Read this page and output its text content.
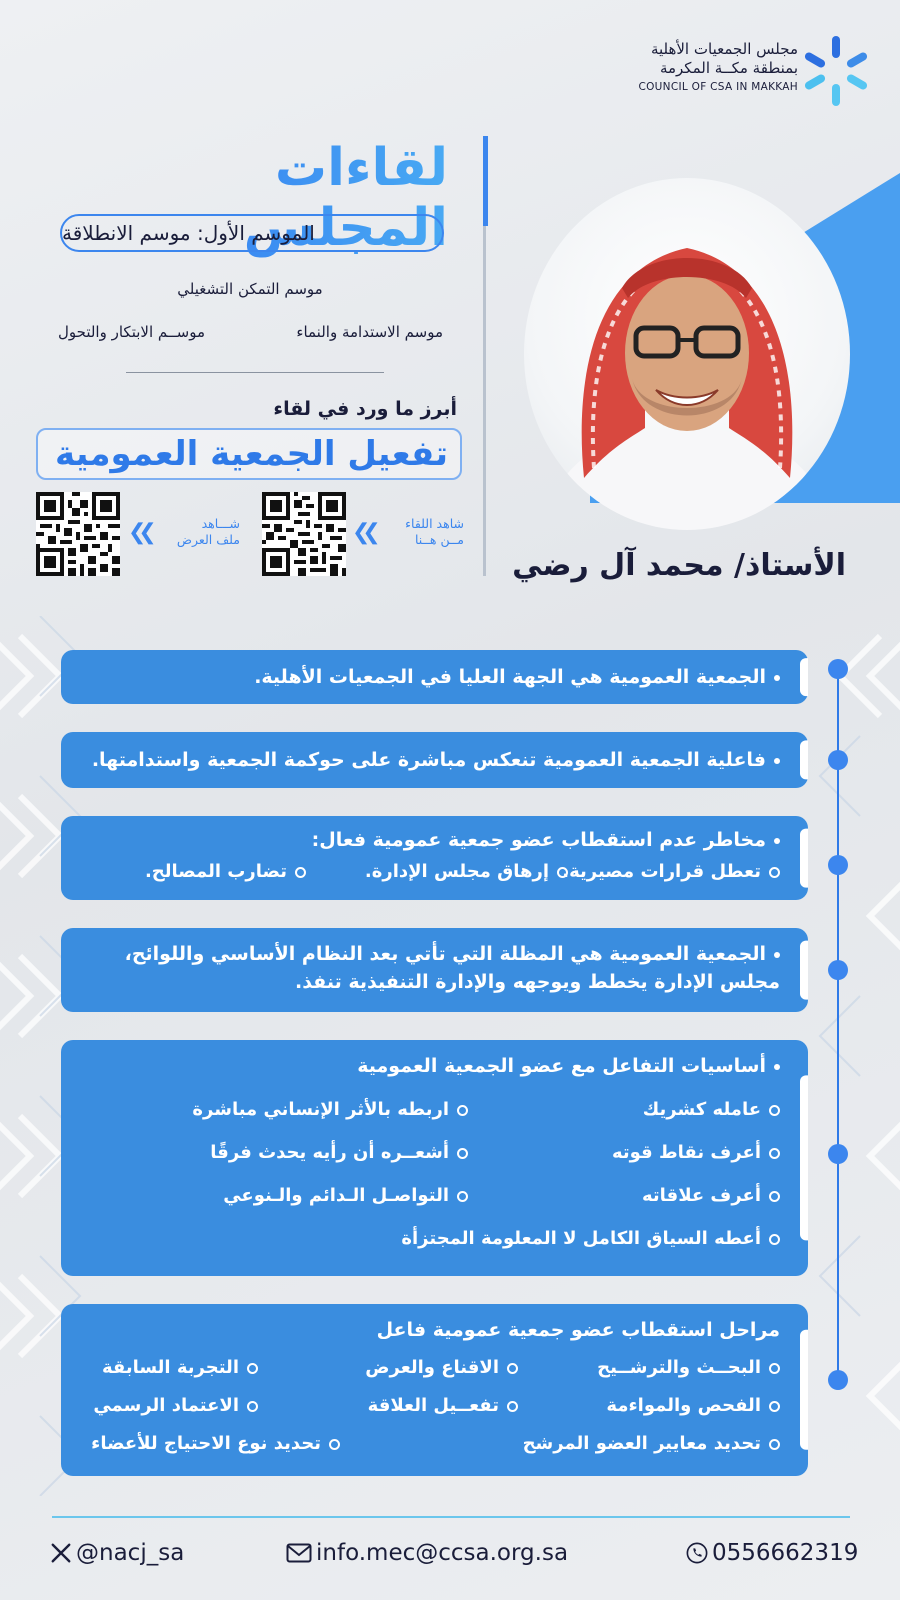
مجلس الجمعيات الأهلية
بمنطقة مكــة المكرمة
COUNCIL OF CSA IN MAKKAH
لقاءات المجلس
الموسم الأول: موسم الانطلاقة
موسم التمكن التشغيلي
موسم الاستدامة والنماء
موســم الابتكار والتحول
أبرز ما ورد في لقاء
تفعيل الجمعية العمومية
❮❮
❮❮	شاهد اللقاء
مــن هــنا
شـــاهد
ملف العرض
الأستاذ/ محمد آل رضي
الجمعية العمومية هي الجهة العليا في الجمعيات الأهلية.
فاعلية الجمعية العمومية تنعكس مباشرة على حوكمة الجمعية واستدامتها.
مخاطر عدم استقطاب عضو جمعية عمومية فعال:
تعطل قرارات مصيرية.
إرهاق مجلس الإدارة.
تضارب المصالح.
الجمعية العمومية هي المظلة التي تأتي بعد النظام الأساسي واللوائح،
مجلس الإدارة يخطط ويوجهه والإدارة التنفيذية تنفذ.
أساسيات التفاعل مع عضو الجمعية العمومية
عامله كشريك
اربطه بالأثر الإنساني مباشرة
أعرف نقاط قوته
أشعــره أن رأيه يحدث فرقًا
أعرف علاقاته
التواصـل الـدائم والـنوعي
أعطه السياق الكامل لا المعلومة المجتزأة
مراحل استقطاب عضو جمعية عمومية فاعل
البحــث والترشــيح
الاقناع والعرض
التجربة السابقة
الفحص والمواءمة
تفعــيل العلاقة
الاعتماد الرسمي
تحديد معايير العضو المرشح
تحديد نوع الاحتياج للأعضاء
@nacj_sa	info.mec@ccsa.org.sa	0556662319
